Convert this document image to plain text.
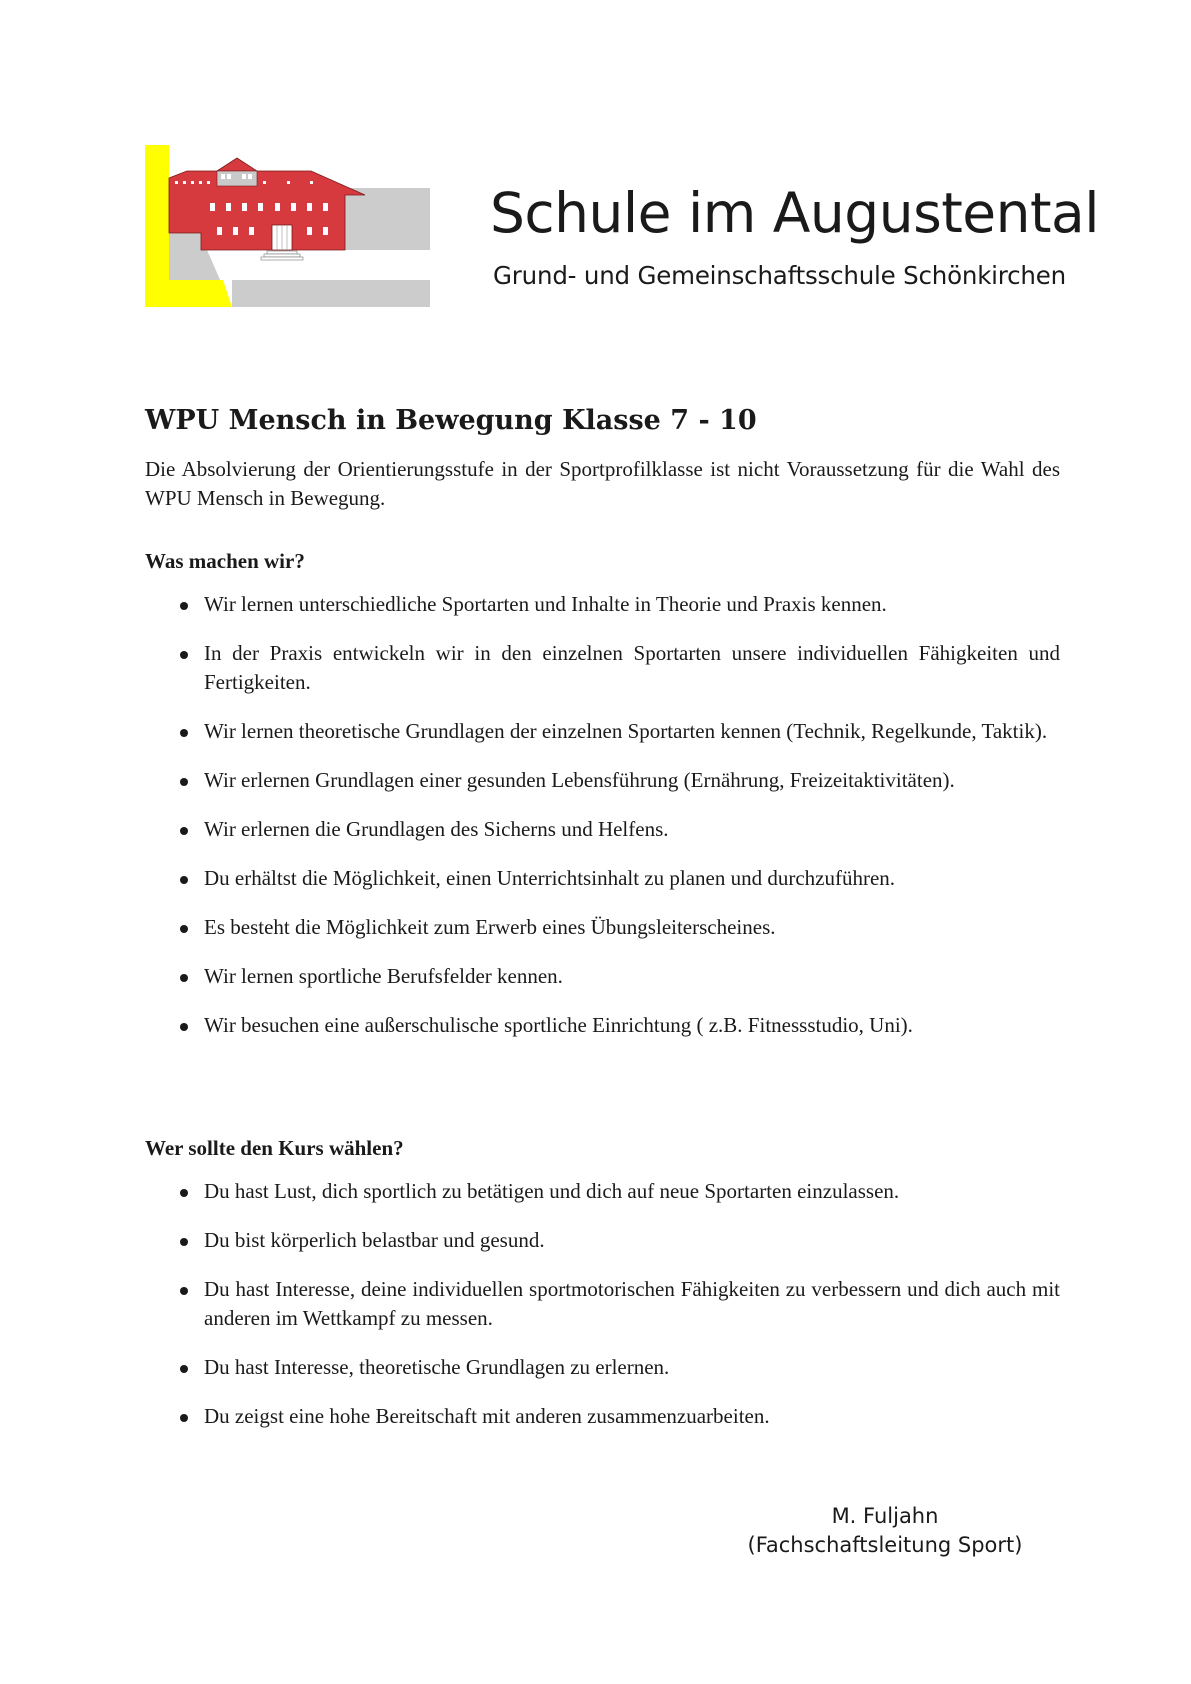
Schule im Augustental
Grund- und Gemeinschaftsschule Schönkirchen
WPU Mensch in Bewegung Klasse 7 - 10

Die Absolvierung der Orientierungsstufe in der Sportprofilklasse ist nicht Voraussetzung für die Wahl des WPU Mensch in Bewegung.

Was machen wir?
Wir lernen unterschiedliche Sportarten und Inhalte in Theorie und Praxis kennen.
In der Praxis entwickeln wir in den einzelnen Sportarten unsere individuellen Fähigkeiten und Fertigkeiten.
Wir lernen theoretische Grundlagen der einzelnen Sportarten kennen (Technik, Regelkunde, Taktik).
Wir erlernen Grundlagen einer gesunden Lebensführung (Ernährung, Freizeitaktivitäten).
Wir erlernen die Grundlagen des Sicherns und Helfens.
Du erhältst die Möglichkeit, einen Unterrichtsinhalt zu planen und durchzuführen.
Es besteht die Möglichkeit zum Erwerb eines Übungsleiterscheines.
Wir lernen sportliche Berufsfelder kennen.
Wir besuchen eine außerschulische sportliche Einrichtung ( z.B. Fitnessstudio, Uni).
Wer sollte den Kurs wählen?
Du hast Lust, dich sportlich zu betätigen und dich auf neue Sportarten einzulassen.
Du bist körperlich belastbar und gesund.
Du hast Interesse, deine individuellen sportmotorischen Fähigkeiten zu verbessern und dich auch mit anderen im Wettkampf zu messen.
Du hast Interesse, theoretische Grundlagen zu erlernen.
Du zeigst eine hohe Bereitschaft mit anderen zusammenzuarbeiten.
M. Fuljahn
(Fachschaftsleitung Sport)
